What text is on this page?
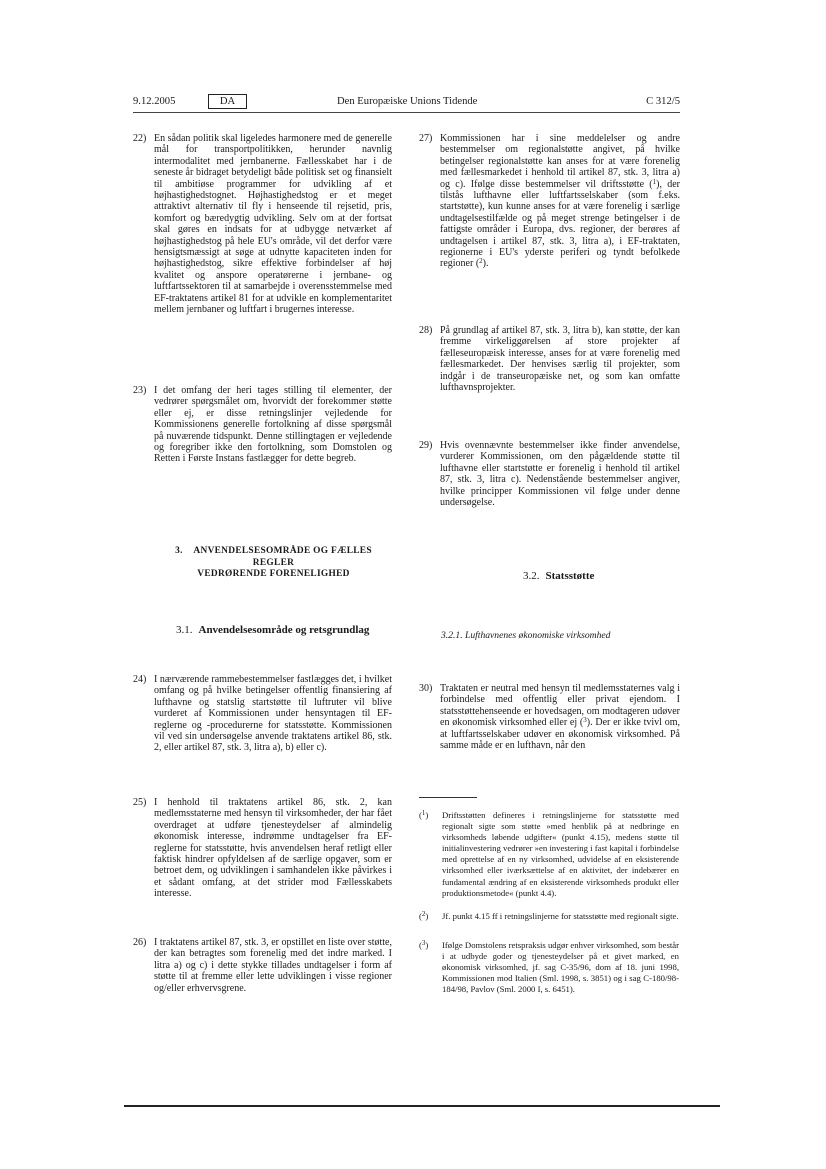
9.12.2005	DA	Den Europæiske Unions Tidende	C 312/5
22) En sådan politik skal ligeledes harmonere med de generelle mål for transportpolitikken, herunder navnlig intermodalitet med jernbanerne. Fællesskabet har i de seneste år bidraget betydeligt både politisk set og finansielt til ambitiøse programmer for udvikling af et højhastighedstognet. Højhastighedstog er et meget attraktivt alternativ til fly i henseende til rejsetid, pris, komfort og bæredygtig udvikling. Selv om at der fortsat skal gøres en indsats for at udbygge netværket af højhastighedstog på hele EU's område, vil det derfor være hensigtsmæssigt at søge at udnytte kapaciteten inden for højhastighedstog, sikre effektive forbindelser af høj kvalitet og anspore operatørerne i jernbane- og luftfartssektoren til at samarbejde i overensstemmelse med EF-traktatens artikel 81 for at udvikle en komplementaritet mellem jernbaner og luftfart i brugernes interesse.
23) I det omfang der heri tages stilling til elementer, der vedrører spørgsmålet om, hvorvidt der forekommer støtte eller ej, er disse retningslinjer vejledende for Kommissionens generelle fortolkning af disse spørgsmål på nuværende tidspunkt. Denne stillingtagen er vejledende og foregriber ikke den fortolkning, som Domstolen og Retten i Første Instans fastlægger for dette begreb.
3. ANVENDELSESOMRÅDE OG FÆLLES REGLER
VEDRØRENDE FORENELIGHED
3.1. Anvendelsesområde og retsgrundlag
24) I nærværende rammebestemmelser fastlægges det, i hvilket omfang og på hvilke betingelser offentlig finansiering af lufthavne og statslig startstøtte til luftruter vil blive vurderet af Kommissionen under hensyntagen til EF-reglerne og -procedurerne for statsstøtte. Kommissionen vil ved sin undersøgelse anvende traktatens artikel 86, stk. 2, eller artikel 87, stk. 3, litra a), b) eller c).
25) I henhold til traktatens artikel 86, stk. 2, kan medlemsstaterne med hensyn til virksomheder, der har fået overdraget at udføre tjenesteydelser af almindelig økonomisk interesse, indrømme undtagelser fra EF-reglerne for statsstøtte, hvis anvendelsen heraf retligt eller faktisk hindrer opfyldelsen af de særlige opgaver, som er betroet dem, og udviklingen i samhandelen ikke påvirkes i et sådant omfang, at det strider mod Fællesskabets interesse.
26) I traktatens artikel 87, stk. 3, er opstillet en liste over støtte, der kan betragtes som forenelig med det indre marked. I litra a) og c) i dette stykke tillades undtagelser i form af støtte til at fremme eller lette udviklingen i visse regioner og/eller erhvervsgrene.
27) Kommissionen har i sine meddelelser og andre bestemmelser om regionalstøtte angivet, på hvilke betingelser regionalstøtte kan anses for at være forenelig med fællesmarkedet i henhold til artikel 87, stk. 3, litra a) og c). Ifølge disse bestemmelser vil driftsstøtte ($^1$), der tilstås lufthavne eller luftfartsselskaber (som f.eks. startstøtte), kun kunne anses for at være forenelig i særlige undtagelsestilfælde og på meget strenge betingelser i de fattigste områder i Europa, dvs. regioner, der berøres af undtagelsen i artikel 87, stk. 3, litra a), i EF-traktaten, regionerne i EU's yderste periferi og tyndt befolkede regioner ($^2$).
28) På grundlag af artikel 87, stk. 3, litra b), kan støtte, der kan fremme virkeliggørelsen af store projekter af fælleseuropæisk interesse, anses for at være forenelig med fællesmarkedet. Der henvises særlig til projekter, som indgår i de transeuropæiske net, og som kan omfatte lufthavnsprojekter.
29) Hvis ovennævnte bestemmelser ikke finder anvendelse, vurderer Kommissionen, om den pågældende støtte til lufthavne eller startstøtte er forenelig i henhold til artikel 87, stk. 3, litra c). Nedenstående bestemmelser angiver, hvilke principper Kommissionen vil følge under denne undersøgelse.
3.2. Statsstøtte
3.2.1. Lufthavnenes økonomiske virksomhed
30) Traktaten er neutral med hensyn til medlemsstaternes valg i forbindelse med offentlig eller privat ejendom. I statsstøttehenseende er hovedsagen, om modtageren udøver en økonomisk virksomhed eller ej ($^3$). Der er ikke tvivl om, at luftfartsselskaber udøver en økonomisk virksomhed. På samme måde er en lufthavn, når den
($^1$) Driftsstøtten defineres i retningslinjerne for statsstøtte med regionalt sigte som støtte »med henblik på at nedbringe en virksomheds løbende udgifter« (punkt 4.15), medens støtte til initialinvestering vedrører »en investering i fast kapital i forbindelse med oprettelse af en ny virksomhed, udvidelse af en eksisterende virksomhed eller iværksættelse af en aktivitet, der indebærer en fundamental ændring af en eksisterende virksomheds produkt eller produktionsmetode« (punkt 4.4).
($^2$) Jf. punkt 4.15 ff i retningslinjerne for statsstøtte med regionalt sigte.
($^3$) Ifølge Domstolens retspraksis udgør enhver virksomhed, som består i at udbyde goder og tjenesteydelser på et givet marked, en økonomisk virksomhed, jf. sag C-35/96, dom af 18. juni 1998, Kommissionen mod Italien (Sml. 1998, s. 3851) og i sag C-180/98-184/98, Pavlov (Sml. 2000 I, s. 6451).
